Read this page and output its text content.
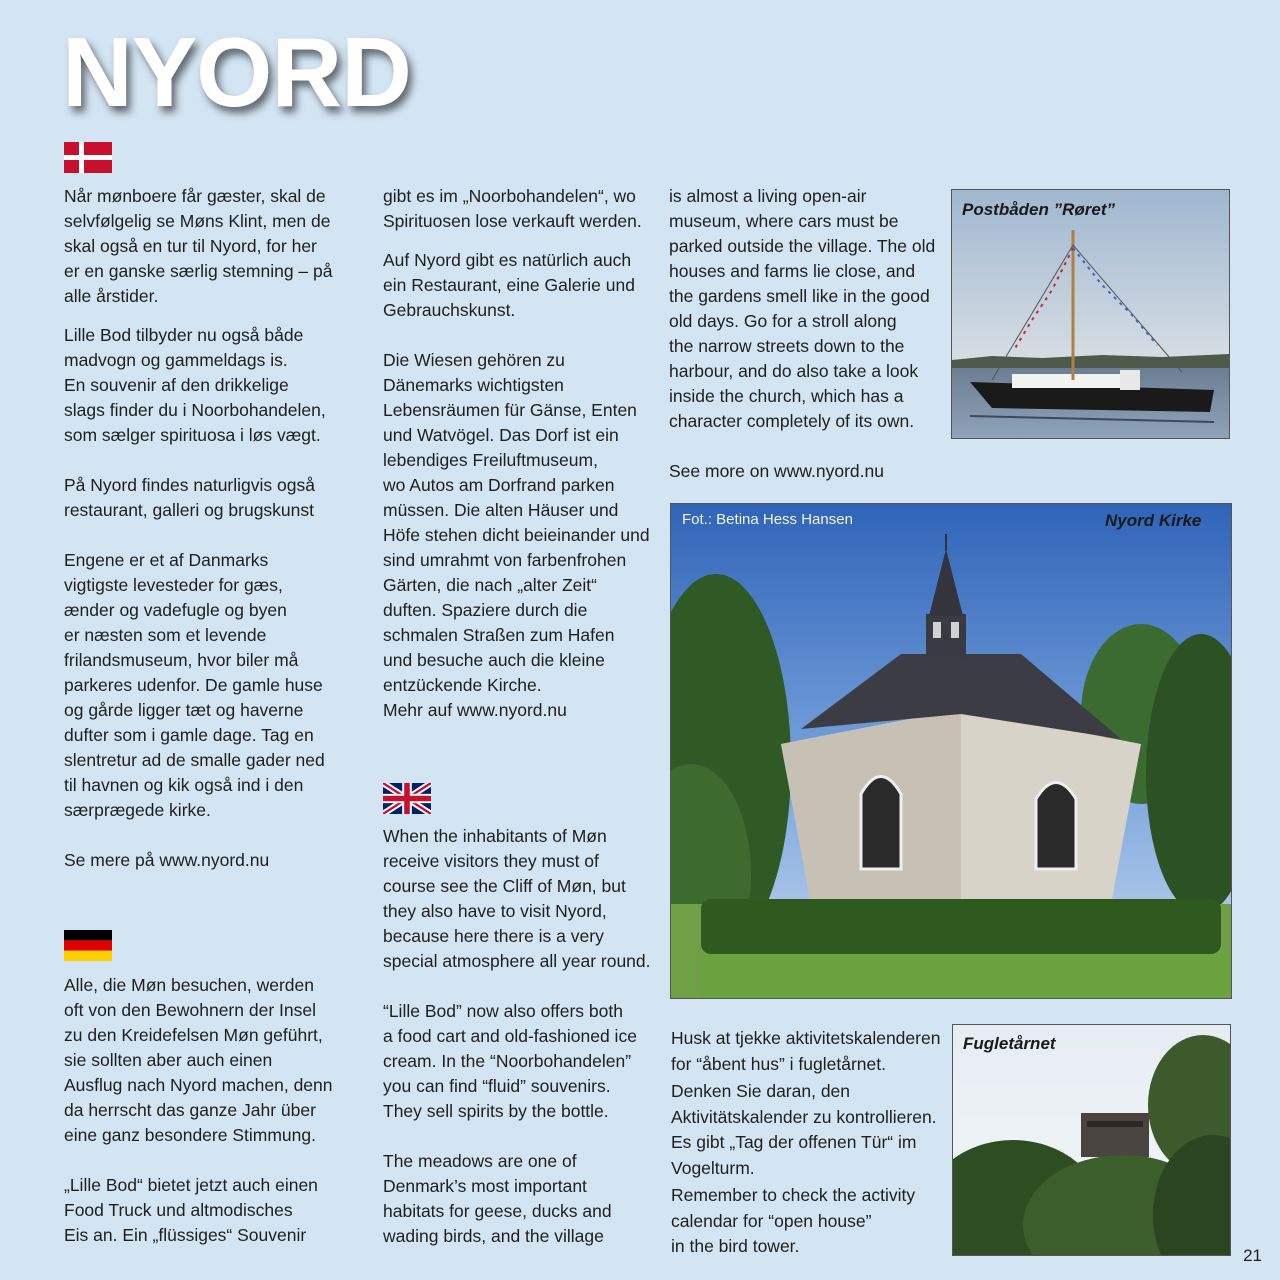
NYORD

Når mønboere får gæster, skal de
selvfølgelig se Møns Klint, men de
skal også en tur til Nyord, for her
er en ganske særlig stemning – på
alle årstider.

Lille Bod tilbyder nu også både
madvogn og gammeldags is.
En souvenir af den drikkelige
slags finder du i Noorbohandelen,
som sælger spirituosa i løs vægt.

På Nyord findes naturligvis også
restaurant, galleri og brugskunst

Engene er et af Danmarks
vigtigste levesteder for gæs,
ænder og vadefugle og byen
er næsten som et levende
frilandsmuseum, hvor biler må
parkeres udenfor. De gamle huse
og gårde ligger tæt og haverne
dufter som i gamle dage. Tag en
slentretur ad de smalle gader ned
til havnen og kik også ind i den
særprægede kirke.

Se mere på www.nyord.nu

Alle, die Møn besuchen, werden
oft von den Bewohnern der Insel
zu den Kreidefelsen Møn geführt,
sie sollten aber auch einen
Ausflug nach Nyord machen, denn
da herrscht das ganze Jahr über
eine ganz besondere Stimmung.

„Lille Bod“ bietet jetzt auch einen
Food Truck und altmodisches
Eis an. Ein „flüssiges“ Souvenir

gibt es im „Noorbohandelen“, wo
Spirituosen lose verkauft werden.

Auf Nyord gibt es natürlich auch
ein Restaurant, eine Galerie und
Gebrauchskunst.

Die Wiesen gehören zu
Dänemarks wichtigsten
Lebensräumen für Gänse, Enten
und Watvögel. Das Dorf ist ein
lebendiges Freiluftmuseum,
wo Autos am Dorfrand parken
müssen. Die alten Häuser und
Höfe stehen dicht beieinander und
sind umrahmt von farbenfrohen
Gärten, die nach „alter Zeit“
duften. Spaziere durch die
schmalen Straßen zum Hafen
und besuche auch die kleine
entzückende Kirche.
Mehr auf www.nyord.nu

When the inhabitants of Møn
receive visitors they must of
course see the Cliff of Møn, but
they also have to visit Nyord,
because here there is a very
special atmosphere all year round.

“Lille Bod” now also offers both
a food cart and old-fashioned ice
cream. In the “Noorbohandelen”
you can find “fluid” souvenirs.
They sell spirits by the bottle.

The meadows are one of
Denmark’s most important
habitats for geese, ducks and
wading birds, and the village

is almost a living open-air
museum, where cars must be
parked outside the village. The old
houses and farms lie close, and
the gardens smell like in the good
old days. Go for a stroll along
the narrow streets down to the
harbour, and do also take a look
inside the church, which has a
character completely of its own.

See more on www.nyord.nu

Postbåden ”Røret”
Fot.: Betina Hess Hansen	Nyord Kirke

Husk at tjekke aktivitetskalenderen
for “åbent hus” i fugletårnet.

Denken Sie daran, den
Aktivitätskalender zu kontrollieren.
Es gibt „Tag der offenen Tür“ im
Vogelturm.

Remember to check the activity
calendar for “open house”
in the bird tower.

Fugletårnet
21
